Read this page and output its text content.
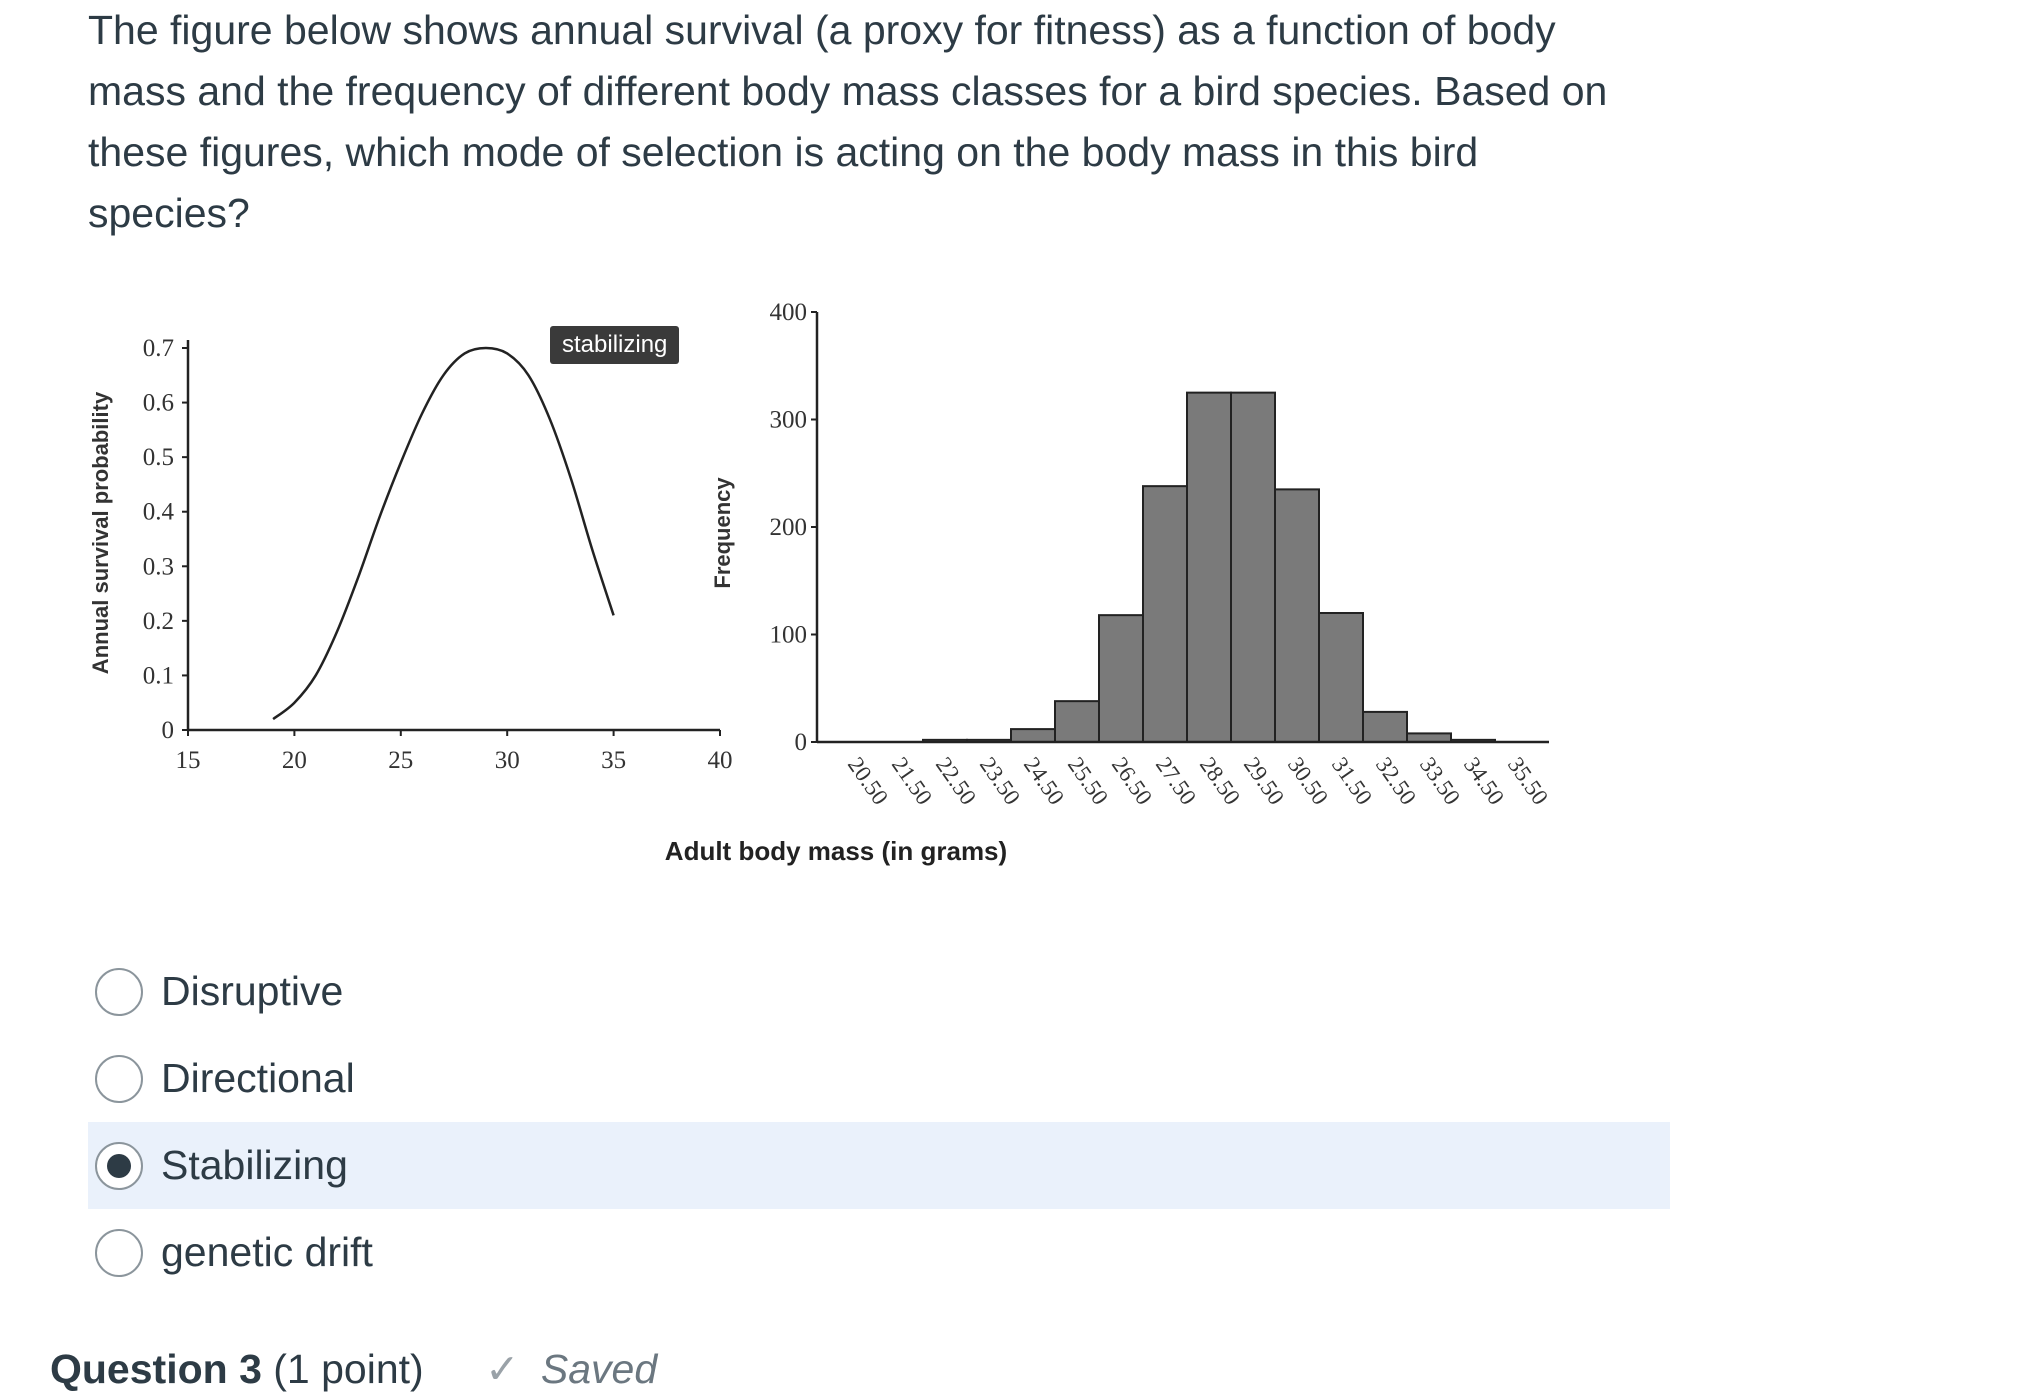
The figure below shows annual survival (a proxy for fitness) as a function of body mass and the frequency of different body mass classes for a bird species. Based on these figures, which mode of selection is acting on the body mass in this bird species?
Annual survival probability
0
0.1
0.2
0.3
0.4
0.5
0.6
0.7
15	20	25	30	35	40
Frequency
0
100
200
300
400
20.50
21.50
22.50
23.50
24.50
25.50
26.50
27.50
28.50
29.50
30.50
31.50
32.50
33.50
34.50
35.50
Adult body mass (in grams)
stabilizing
Disruptive
Directional
Stabilizing
genetic drift
Question 3 (1 point) ✓ Saved
